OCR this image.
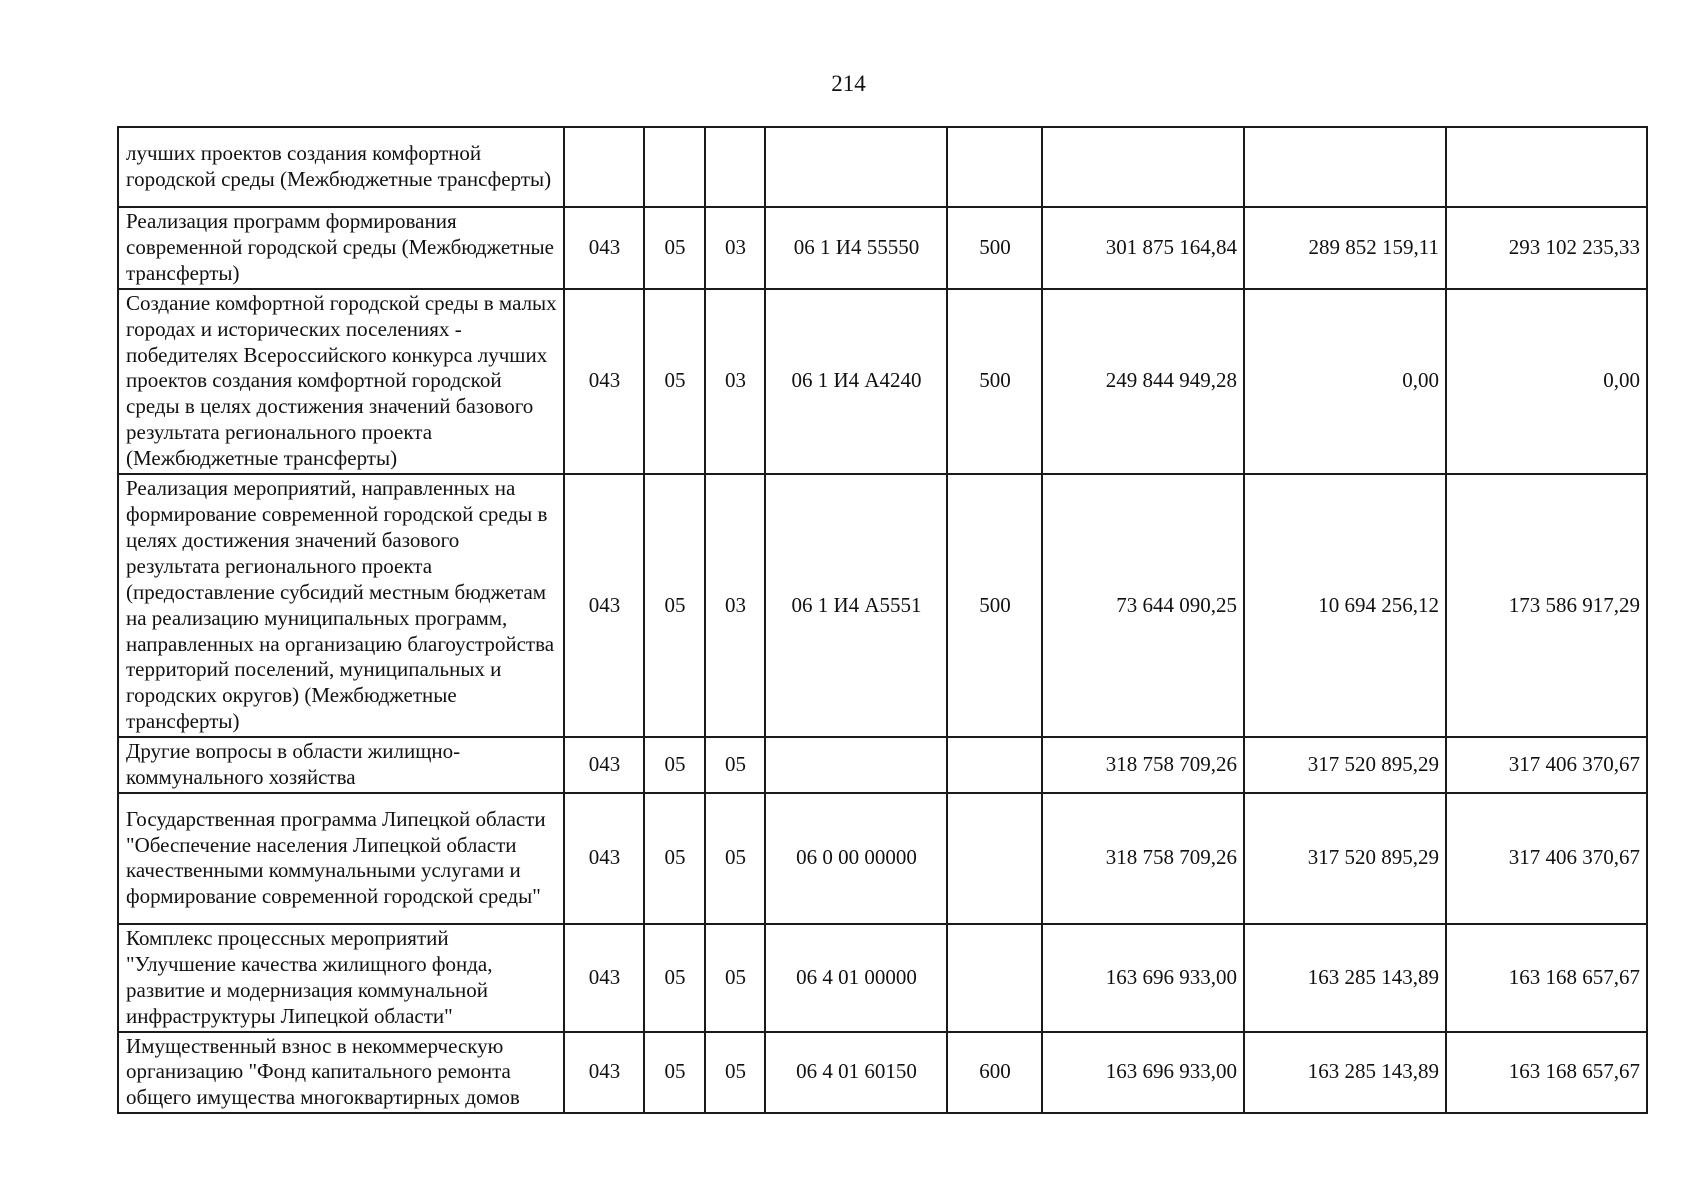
214
лучших проектов создания комфортной городской среды (Межбюджетные трансферты)								
Реализация программ формирования современной городской среды (Межбюджетные трансферты)	043	05	03	06 1 И4 55550	500	301 875 164,84	289 852 159,11	293 102 235,33
Создание комфортной городской среды в малых городах и исторических поселениях - победителях Всероссийского конкурса лучших проектов создания комфортной городской среды в целях достижения значений базового результата регионального проекта (Межбюджетные трансферты)	043	05	03	06 1 И4 А4240	500	249 844 949,28	0,00	0,00
Реализация мероприятий, направленных на формирование современной городской среды в целях достижения значений базового результата регионального проекта (предоставление субсидий местным бюджетам на реализацию муниципальных программ, направленных на организацию благоустройства территорий поселений, муниципальных и городских округов) (Межбюджетные трансферты)	043	05	03	06 1 И4 А5551	500	73 644 090,25	10 694 256,12	173 586 917,29
Другие вопросы в области жилищно-коммунального хозяйства	043	05	05			318 758 709,26	317 520 895,29	317 406 370,67
Государственная программа Липецкой области "Обеспечение населения Липецкой области качественными коммунальными услугами и формирование современной городской среды"	043	05	05	06 0 00 00000		318 758 709,26	317 520 895,29	317 406 370,67
Комплекс процессных мероприятий "Улучшение качества жилищного фонда, развитие и модернизация коммунальной инфраструктуры Липецкой области"	043	05	05	06 4 01 00000		163 696 933,00	163 285 143,89	163 168 657,67
Имущественный взнос в некоммерческую организацию "Фонд капитального ремонта общего имущества многоквартирных домов	043	05	05	06 4 01 60150	600	163 696 933,00	163 285 143,89	163 168 657,67
